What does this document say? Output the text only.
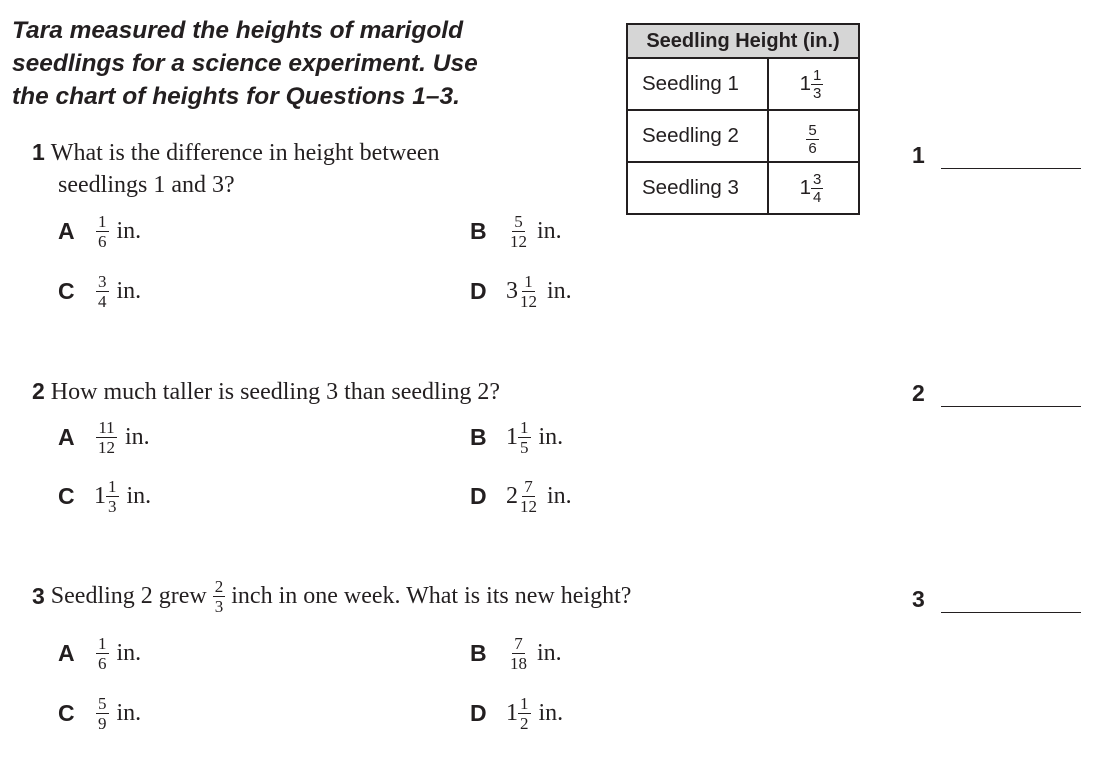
Tara measured the heights of marigold
seedlings for a science experiment. Use
the chart of heights for Questions 1–3.
Seedling Height (in.)	
Seedling 1	$1 \frac{1}{3}$

Seedling 2	$\frac{5}{6}$

Seedling 3	$1 \frac{3}{4}$
1 What is the difference in height between
seedlings 1 and 3?
A	$\frac{1}{6}$ in.	B	$\frac{5}{12}$ in.
C	$\frac{3}{4}$ in.	D $3 \frac{1}{12}$ in.
2 How much taller is seedling 3 than seedling 2?
A	$\frac{11}{12}$ in.	B $1 \frac{1}{5}$ in.
C $1 \frac{1}{3}$ in.	D $2 \frac{7}{12}$ in.
3 Seedling 2 grew $\frac{2}{3}$ inch in one week. What is its new height?
A	$\frac{1}{6}$ in.	B	$\frac{7}{18}$ in.
C	$\frac{5}{9}$ in.	D $1 \frac{1}{2}$ in.
1
2
3
